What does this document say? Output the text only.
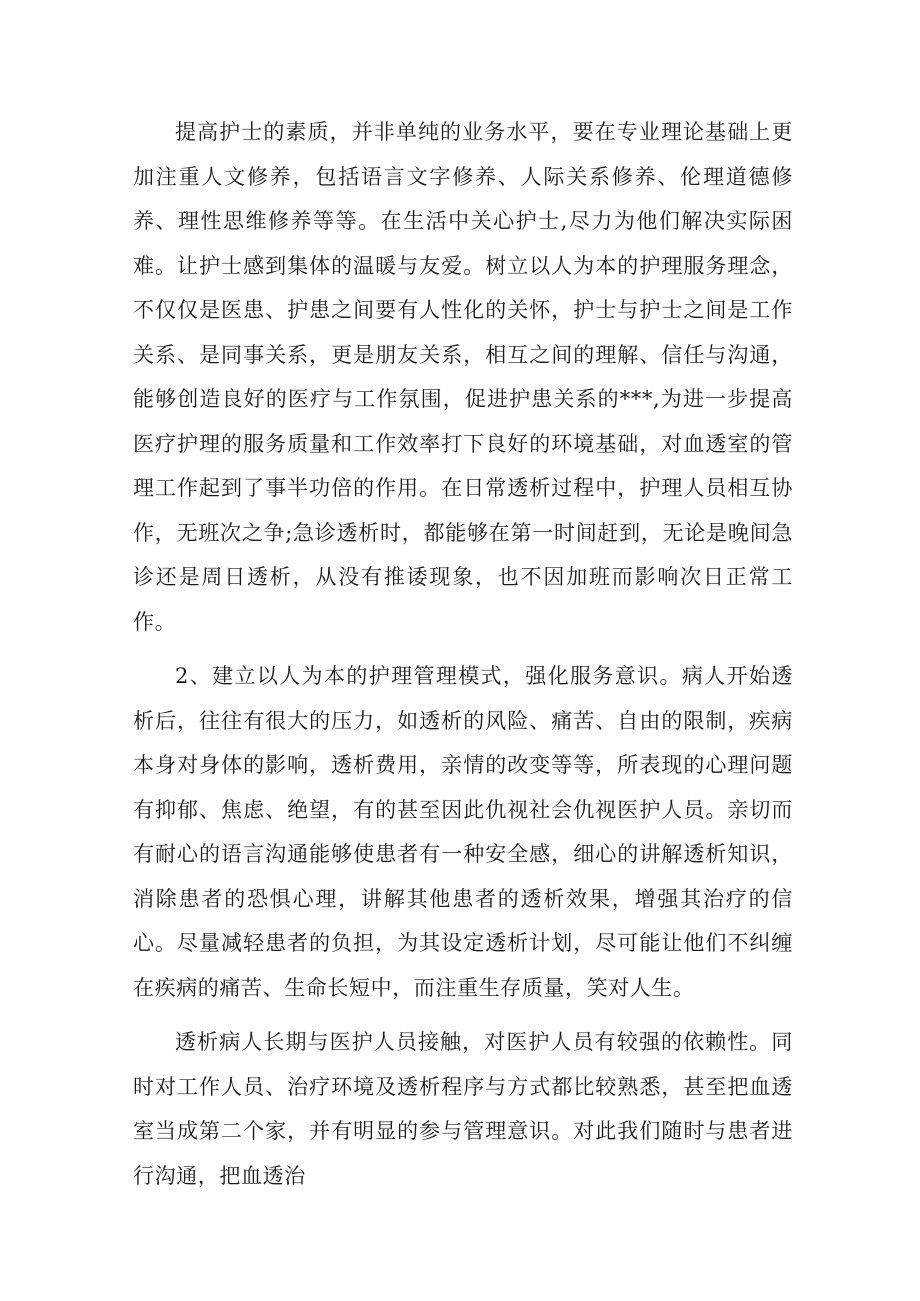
提高护士的素质，并非单纯的业务水平，要在专业理论基础上更加注重人文修养，包括语言文字修养、人际关系修养、伦理道德修养、理性思维修养等等。在生活中关心护士,尽力为他们解决实际困难。让护士感到集体的温暖与友爱。树立以人为本的护理服务理念，不仅仅是医患、护患之间要有人性化的关怀，护士与护士之间是工作关系、是同事关系，更是朋友关系，相互之间的理解、信任与沟通，能够创造良好的医疗与工作氛围，促进护患关系的***,为进一步提高医疗护理的服务质量和工作效率打下良好的环境基础，对血透室的管理工作起到了事半功倍的作用。在日常透析过程中，护理人员相互协作，无班次之争;急诊透析时，都能够在第一时间赶到，无论是晚间急诊还是周日透析，从没有推诿现象，也不因加班而影响次日正常工作。

2、建立以人为本的护理管理模式，强化服务意识。病人开始透析后，往往有很大的压力，如透析的风险、痛苦、自由的限制，疾病本身对身体的影响，透析费用，亲情的改变等等，所表现的心理问题有抑郁、焦虑、绝望，有的甚至因此仇视社会仇视医护人员。亲切而有耐心的语言沟通能够使患者有一种安全感，细心的讲解透析知识，消除患者的恐惧心理，讲解其他患者的透析效果，增强其治疗的信心。尽量减轻患者的负担，为其设定透析计划，尽可能让他们不纠缠在疾病的痛苦、生命长短中，而注重生存质量，笑对人生。

透析病人长期与医护人员接触，对医护人员有较强的依赖性。同时对工作人员、治疗环境及透析程序与方式都比较熟悉，甚至把血透室当成第二个家，并有明显的参与管理意识。对此我们随时与患者进行沟通，把血透治
